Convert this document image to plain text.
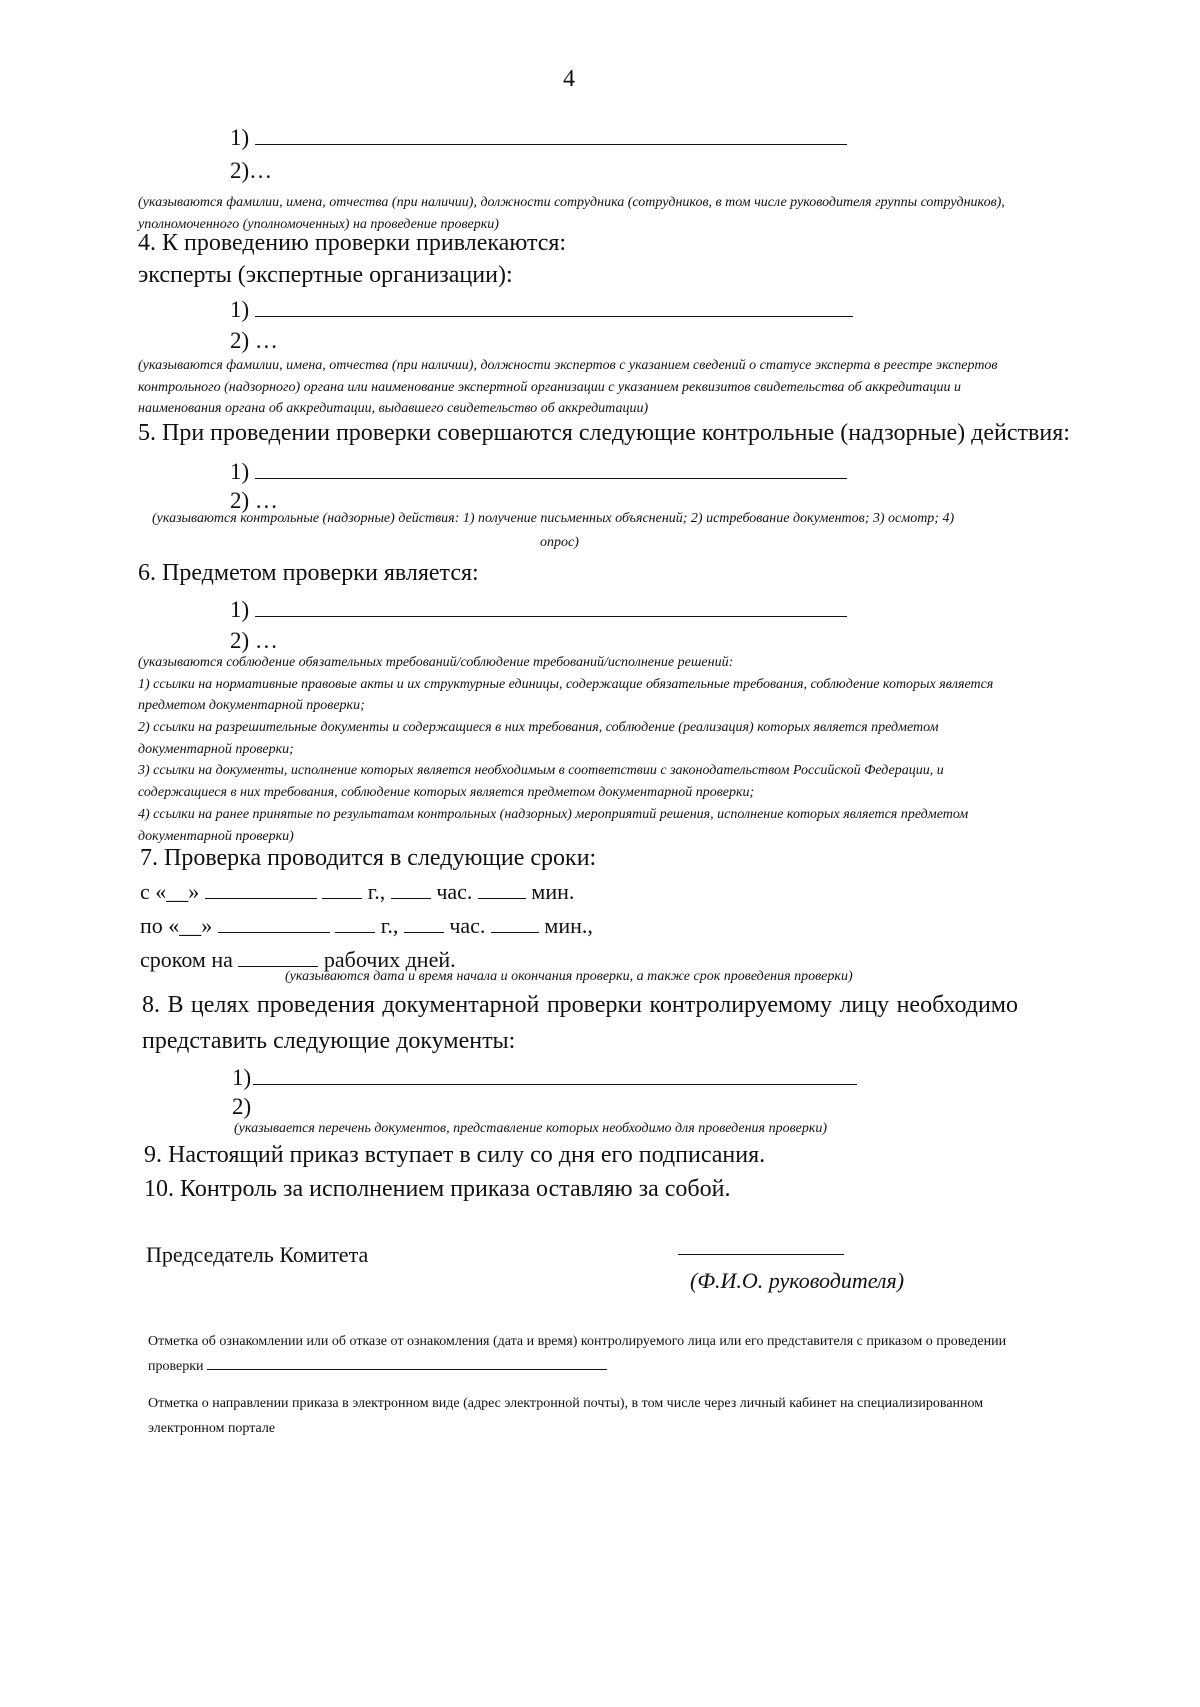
4
1)
2)…
(указываются фамилии, имена, отчества (при наличии), должности сотрудника (сотрудников, в том числе руководителя группы сотрудников), уполномоченного (уполномоченных) на проведение проверки)
4. К проведению проверки привлекаются:
эксперты (экспертные организации):
1)
2) …
(указываются фамилии, имена, отчества (при наличии), должности экспертов с указанием сведений о статусе эксперта в реестре экспертов контрольного (надзорного) органа или наименование экспертной организации с указанием реквизитов свидетельства об аккредитации и наименования органа об аккредитации, выдавшего свидетельство об аккредитации)
5. При проведении проверки совершаются следующие контрольные (надзорные) действия:
1)
2) …
(указываются контрольные (надзорные) действия: 1) получение письменных объяснений; 2) истребование документов; 3) осмотр; 4)
опрос)
6. Предметом проверки является:
1)
2) …
(указываются соблюдение обязательных требований/соблюдение требований/исполнение решений:
1) ссылки на нормативные правовые акты и их структурные единицы, содержащие обязательные требования, соблюдение которых является предметом документарной проверки;
2) ссылки на разрешительные документы и содержащиеся в них требования, соблюдение (реализация) которых является предметом документарной проверки;
3) ссылки на документы, исполнение которых является необходимым в соответствии с законодательством Российской Федерации, и содержащиеся в них требования, соблюдение которых является предметом документарной проверки;
4) ссылки на ранее принятые по результатам контрольных (надзорных) мероприятий решения, исполнение которых является предметом документарной проверки)
7. Проверка проводится в следующие сроки:
с «__»	г., час.	мин.
по «__»	г., час.	мин.,
сроком на	рабочих дней.
(указываются дата и время начала и окончания проверки, а также срок проведения проверки)
8. В целях проведения документарной проверки контролируемому лицу необходимо
представить следующие документы:
1)
2)
(указывается перечень документов, представление которых необходимо для проведения проверки)
9. Настоящий приказ вступает в силу со дня его подписания.
10. Контроль за исполнением приказа оставляю за собой.
Председатель Комитета
(Ф.И.О. руководителя)
Отметка об ознакомлении или об отказе от ознакомления (дата и время) контролируемого лица или его представителя с приказом о проведении проверки
Отметка о направлении приказа в электронном виде (адрес электронной почты), в том числе через личный кабинет на специализированном электронном портале
